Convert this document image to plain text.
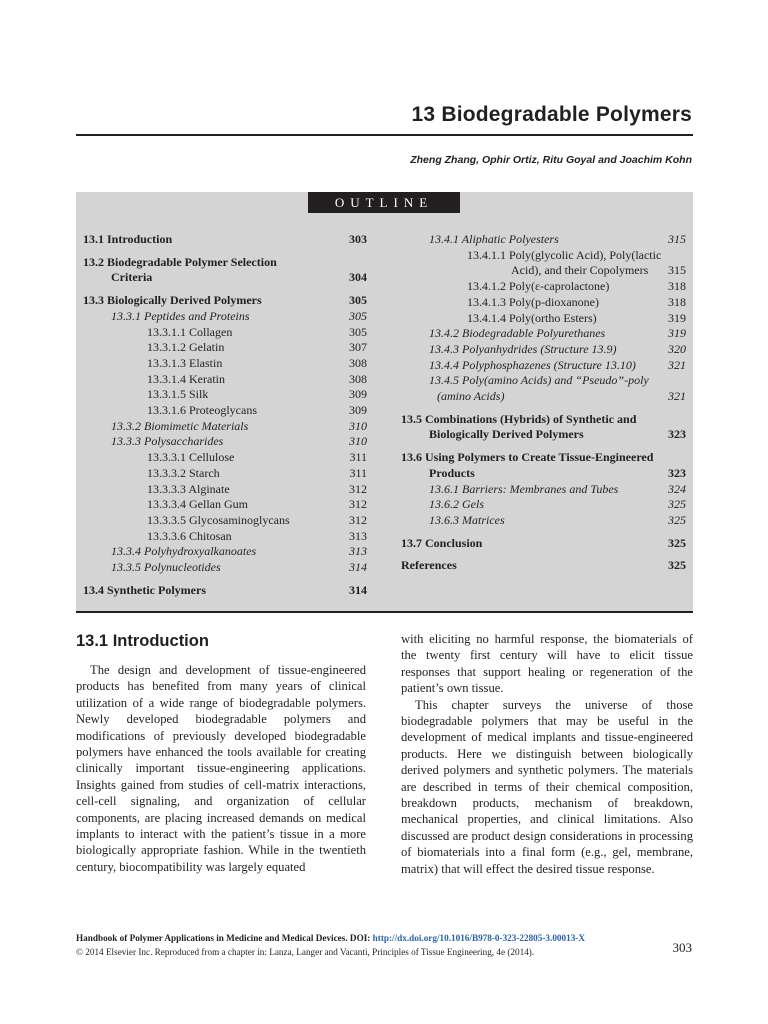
13 Biodegradable Polymers
Zheng Zhang, Ophir Ortiz, Ritu Goyal and Joachim Kohn
OUTLINE
13.1 Introduction	303
13.2 Biodegradable Polymer Selection
Criteria	304
13.3 Biologically Derived Polymers	305
13.3.1 Peptides and Proteins	305
13.3.1.1 Collagen	305
13.3.1.2 Gelatin	307
13.3.1.3 Elastin	308
13.3.1.4 Keratin	308
13.3.1.5 Silk	309
13.3.1.6 Proteoglycans	309
13.3.2 Biomimetic Materials	310
13.3.3 Polysaccharides	310
13.3.3.1 Cellulose	311
13.3.3.2 Starch	311
13.3.3.3 Alginate	312
13.3.3.4 Gellan Gum	312
13.3.3.5 Glycosaminoglycans	312
13.3.3.6 Chitosan	313
13.3.4 Polyhydroxyalkanoates	313
13.3.5 Polynucleotides	314
13.4 Synthetic Polymers	314
13.4.1 Aliphatic Polyesters	315
13.4.1.1 Poly(glycolic Acid), Poly(lactic
Acid), and their Copolymers 315
13.4.1.2 Poly(ε-caprolactone)	318
13.4.1.3 Poly(p-dioxanone)	318
13.4.1.4 Poly(ortho Esters)	319
13.4.2 Biodegradable Polyurethanes	319
13.4.3 Polyanhydrides (Structure 13.9)	320
13.4.4 Polyphosphazenes (Structure 13.10)	321
13.4.5 Poly(amino Acids) and “Pseudo”-poly
(amino Acids)	321
13.5 Combinations (Hybrids) of Synthetic and
Biologically Derived Polymers	323
13.6 Using Polymers to Create Tissue-Engineered
Products	323
13.6.1 Barriers: Membranes and Tubes	324
13.6.2 Gels	325
13.6.3 Matrices	325
13.7 Conclusion	325
References	325
13.1 Introduction

The design and development of tissue-engineered products has benefited from many years of clinical utilization of a wide range of biodegradable polymers. Newly developed biodegradable polymers and modifications of previously developed biodegradable polymers have enhanced the tools available for creating clinically important tissue-engineering applications. Insights gained from studies of cell-matrix interactions, cell-cell signaling, and organization of cellular components, are placing increased demands on medical implants to interact with the patient’s tissue in a more biologically appropriate fashion. While in the twentieth century, biocompatibility was largely equated

with eliciting no harmful response, the biomaterials of the twenty first century will have to elicit tissue responses that support healing or regeneration of the patient’s own tissue.

This chapter surveys the universe of those biodegradable polymers that may be useful in the development of medical implants and tissue-engineered products. Here we distinguish between biologically derived polymers and synthetic polymers. The materials are described in terms of their chemical composition, breakdown products, mechanism of breakdown, mechanical properties, and clinical limitations. Also discussed are product design considerations in processing of biomaterials into a final form (e.g., gel, membrane, matrix) that will effect the desired tissue response.

Handbook of Polymer Applications in Medicine and Medical Devices. DOI: http://dx.doi.org/10.1016/B978-0-323-22805-3.00013-X
© 2014 Elsevier Inc. Reproduced from a chapter in: Lanza, Langer and Vacanti, Principles of Tissue Engineering, 4e (2014).	303
